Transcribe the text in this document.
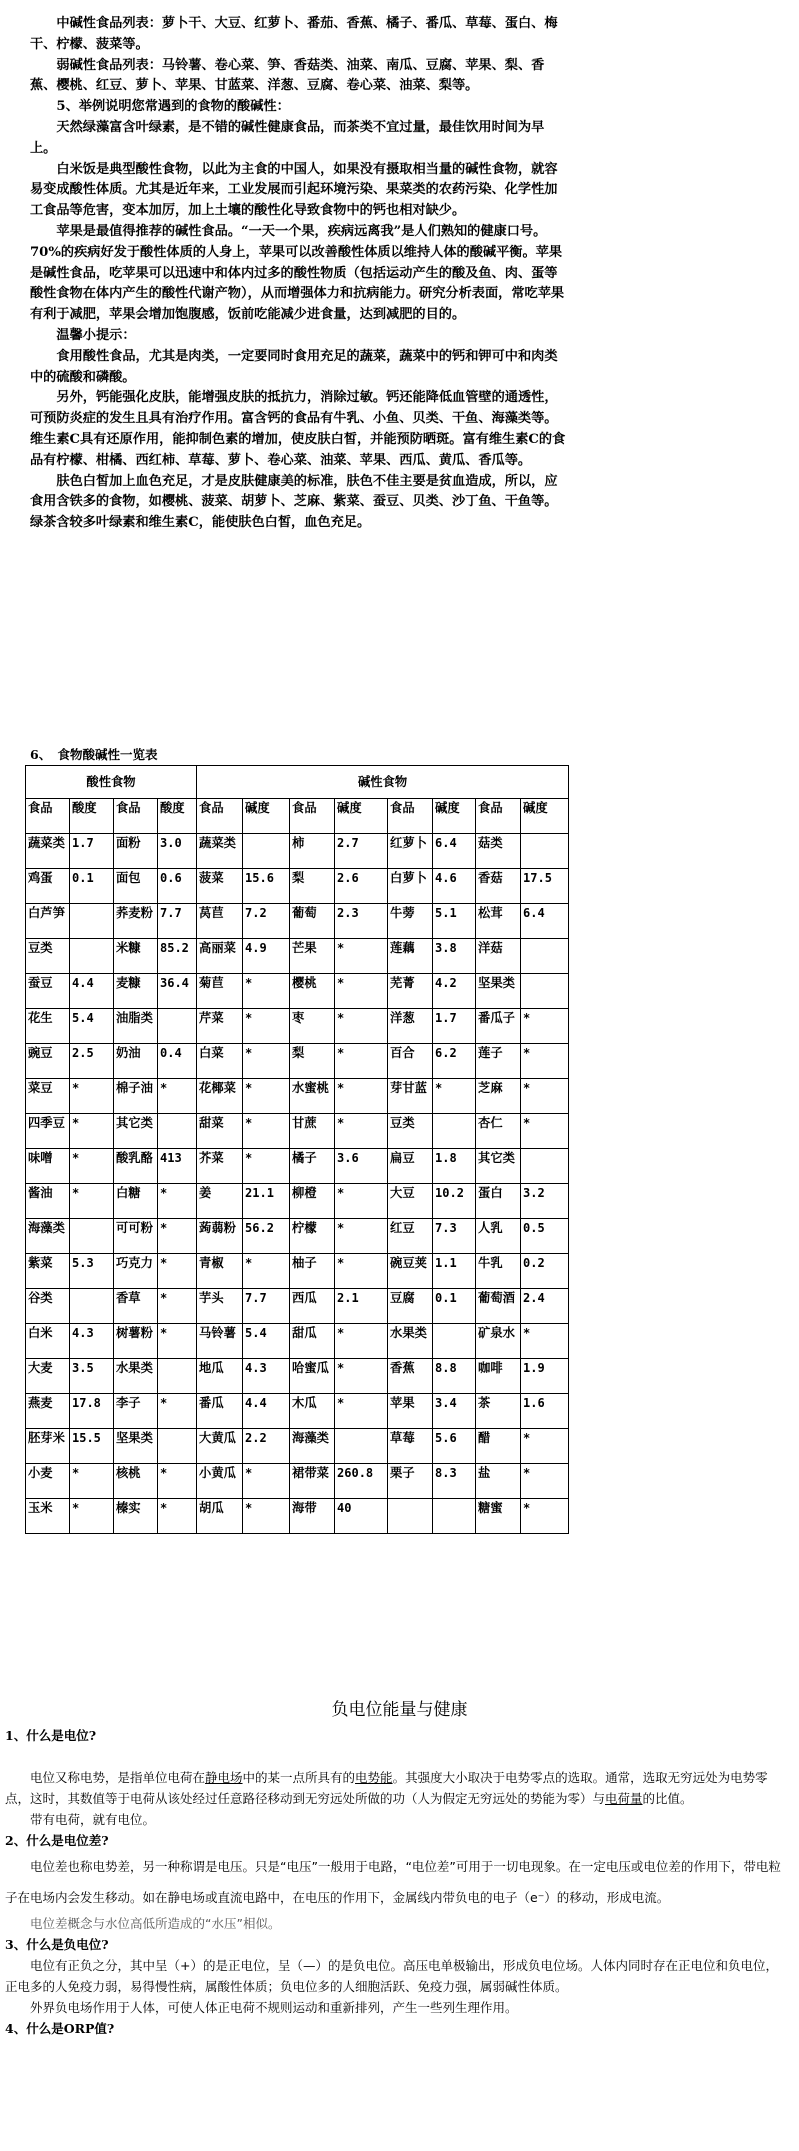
中碱性食品列表：萝卜干、大豆、红萝卜、番茄、香蕉、橘子、番瓜、草莓、蛋白、梅干、柠檬、菠菜等。

弱碱性食品列表：马铃薯、卷心菜、笋、香菇类、油菜、南瓜、豆腐、苹果、梨、香蕉、樱桃、红豆、萝卜、苹果、甘蓝菜、洋葱、豆腐、卷心菜、油菜、梨等。

5、举例说明您常遇到的食物的酸碱性：

天然绿藻富含叶绿素，是不错的碱性健康食品，而茶类不宜过量，最佳饮用时间为早上。

白米饭是典型酸性食物，以此为主食的中国人，如果没有摄取相当量的碱性食物，就容易变成酸性体质。尤其是近年来，工业发展而引起环境污染、果菜类的农药污染、化学性加工食品等危害，变本加厉，加上土壤的酸性化导致食物中的钙也相对缺少。

苹果是最值得推荐的碱性食品。“一天一个果，疾病远离我”是人们熟知的健康口号。70%的疾病好发于酸性体质的人身上，苹果可以改善酸性体质以维持人体的酸碱平衡。苹果是碱性食品，吃苹果可以迅速中和体内过多的酸性物质（包括运动产生的酸及鱼、肉、蛋等酸性食物在体内产生的酸性代谢产物），从而增强体力和抗病能力。研究分析表面，常吃苹果有利于减肥，苹果会增加饱腹感，饭前吃能减少进食量，达到减肥的目的。

温馨小提示：

食用酸性食品，尤其是肉类，一定要同时食用充足的蔬菜，蔬菜中的钙和钾可中和肉类中的硫酸和磷酸。

另外，钙能强化皮肤，能增强皮肤的抵抗力，消除过敏。钙还能降低血管壁的通透性，可预防炎症的发生且具有治疗作用。富含钙的食品有牛乳、小鱼、贝类、干鱼、海藻类等。

维生素C具有还原作用，能抑制色素的增加，使皮肤白皙，并能预防晒斑。富有维生素C的食品有柠檬、柑橘、西红柿、草莓、萝卜、卷心菜、油菜、苹果、西瓜、黄瓜、香瓜等。

肤色白皙加上血色充足，才是皮肤健康美的标准，肤色不佳主要是贫血造成，所以，应食用含铁多的食物，如樱桃、菠菜、胡萝卜、芝麻、紫菜、蚕豆、贝类、沙丁鱼、干鱼等。绿茶含较多叶绿素和维生素C，能使肤色白皙，血色充足。

6、　食物酸碱性一览表
酸性食物				碱性食物							
食品	酸度	食品	酸度	食品	碱度	食品	碱度	食品	碱度	食品	碱度
蔬菜类	1.7	面粉	3.0	蔬菜类		柿	2.7	红萝卜	6.4	菇类	
鸡蛋	0.1	面包	0.6	菠菜	15.6	梨	2.6	白萝卜	4.6	香菇	17.5
白芦笋		荞麦粉	7.7	莴苣	7.2	葡萄	2.3	牛蒡	5.1	松茸	6.4
豆类		米糠	85.2	高丽菜	4.9	芒果	*	莲藕	3.8	洋菇	
蚕豆	4.4	麦糠	36.4	菊苣	*	樱桃	*	芜菁	4.2	坚果类	
花生	5.4	油脂类		芹菜	*	枣	*	洋葱	1.7	番瓜子	*
豌豆	2.5	奶油	0.4	白菜	*	梨	*	百合	6.2	莲子	*
菜豆	*	棉子油	*	花椰菜	*	水蜜桃	*	芽甘蓝	*	芝麻	*
四季豆	*	其它类		甜菜	*	甘蔗	*	豆类		杏仁	*
味噌	*	酸乳酪	413	芥菜	*	橘子	3.6	扁豆	1.8	其它类	
酱油	*	白糖	*	姜	21.1	柳橙	*	大豆	10.2	蛋白	3.2
海藻类		可可粉	*	蒟蒻粉	56.2	柠檬	*	红豆	7.3	人乳	0.5
紫菜	5.3	巧克力	*	青椒	*	柚子	*	碗豆荚	1.1	牛乳	0.2
谷类		香草	*	芋头	7.7	西瓜	2.1	豆腐	0.1	葡萄酒	2.4
白米	4.3	树薯粉	*	马铃薯	5.4	甜瓜	*	水果类		矿泉水	*
大麦	3.5	水果类		地瓜	4.3	哈蜜瓜	*	香蕉	8.8	咖啡	1.9
燕麦	17.8	李子	*	番瓜	4.4	木瓜	*	苹果	3.4	茶	1.6
胚芽米	15.5	坚果类		大黄瓜	2.2	海藻类		草莓	5.6	醋	*
小麦	*	核桃	*	小黄瓜	*	裙带菜	260.8	栗子	8.3	盐	*
玉米	*	榛实	*	胡瓜	*	海带	40			糖蜜	*
负电位能量与健康

1、什么是电位?

电位又称电势，是指单位电荷在静电场中的某一点所具有的电势能。其强度大小取决于电势零点的选取。通常，选取无穷远处为电势零点，这时，其数值等于电荷从该处经过任意路径移动到无穷远处所做的功（人为假定无穷远处的势能为零）与电荷量的比值。

带有电荷，就有电位。

2、什么是电位差?

电位差也称电势差，另一种称谓是电压。只是“电压”一般用于电路，“电位差”可用于一切电现象。在一定电压或电位差的作用下，带电粒子在电场内会发生移动。如在静电场或直流电路中，在电压的作用下，金属线内带负电的电子（e⁻）的移动，形成电流。

电位差概念与水位高低所造成的“水压”相似。

3、什么是负电位?

电位有正负之分，其中呈（+）的是正电位，呈（—）的是负电位。高压电单极输出，形成负电位场。人体内同时存在正电位和负电位，正电多的人免疫力弱，易得慢性病，属酸性体质；负电位多的人细胞活跃、免疫力强，属弱碱性体质。

外界负电场作用于人体，可使人体正电荷不规则运动和重新排列，产生一些列生理作用。

4、什么是ORP值?
